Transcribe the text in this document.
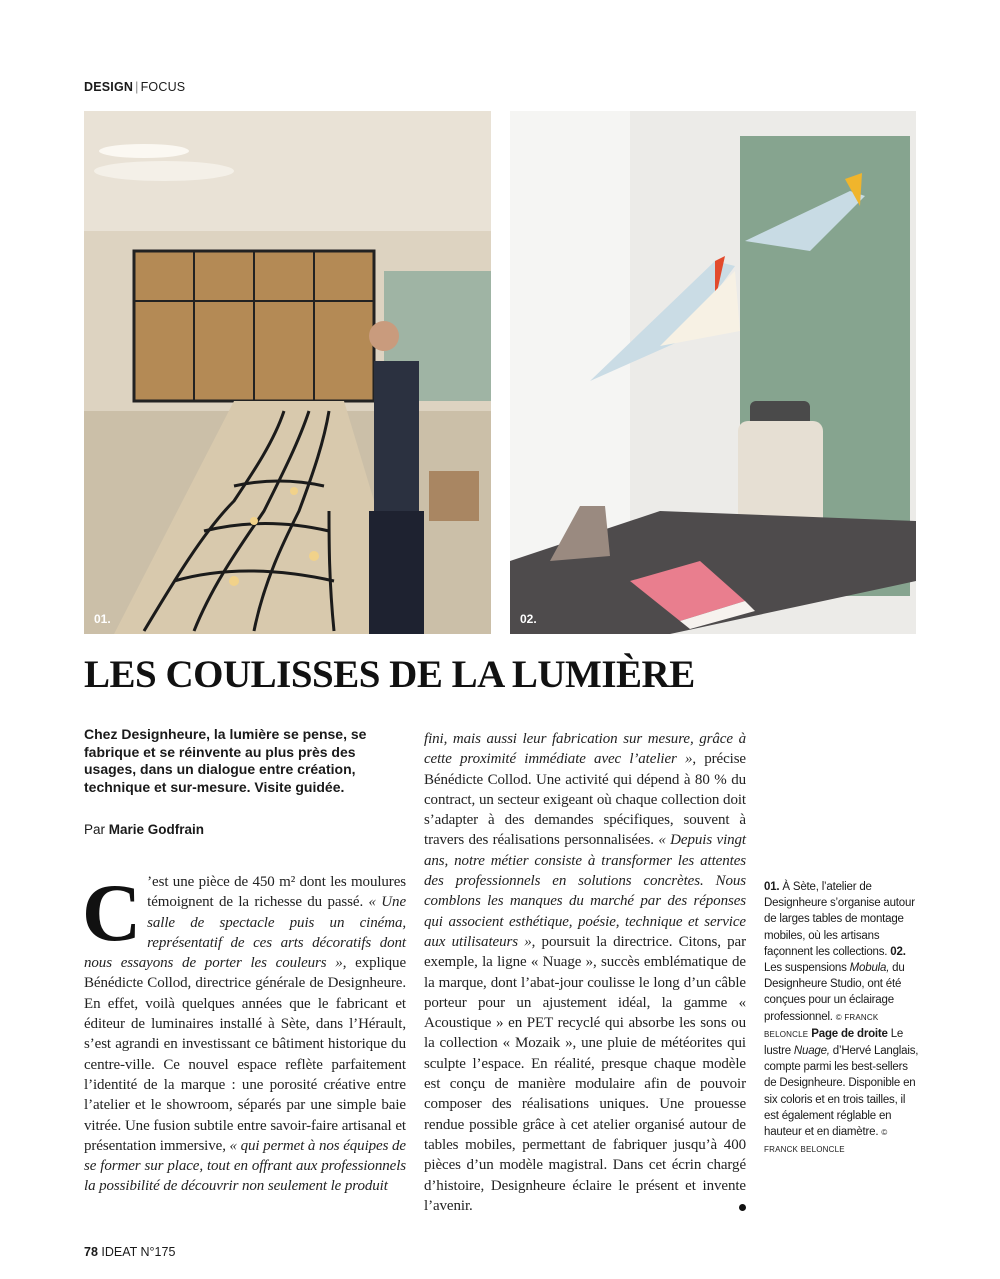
DESIGN | FOCUS
01.	02.
LES COULISSES DE LA LUMIÈRE

Chez Designheure, la lumière se pense, se fabrique et se réinvente au plus près des usages, dans un dialogue entre création, technique et sur-mesure. Visite guidée.

Par Marie Godfrain

C ’est une pièce de 450 m² dont les moulures témoignent de la richesse du passé. « Une salle de spectacle puis un cinéma, représentatif de ces arts décoratifs dont nous essayons de porter les couleurs », explique Bénédicte Collod, directrice générale de Designheure. En effet, voilà quelques années que le fabricant et éditeur de luminaires installé à Sète, dans l’Hérault, s’est agrandi en investissant ce bâtiment historique du centre-ville. Ce nouvel espace reflète parfaitement l’identité de la marque : une porosité créative entre l’atelier et le showroom, séparés par une simple baie vitrée. Une fusion subtile entre savoir-faire artisanal et présentation immersive, « qui permet à nos équipes de se former sur place, tout en offrant aux professionnels la possibilité de découvrir non seulement le produit

fini, mais aussi leur fabrication sur mesure, grâce à cette proximité immédiate avec l’atelier », précise Bénédicte Collod. Une activité qui dépend à 80 % du contract, un secteur exigeant où chaque collection doit s’adapter à des demandes spécifiques, souvent à travers des réalisations personnalisées. « Depuis vingt ans, notre métier consiste à transformer les attentes des professionnels en solutions concrètes. Nous comblons les manques du marché par des réponses qui associent esthétique, poésie, technique et service aux utilisateurs », poursuit la directrice. Citons, par exemple, la ligne « Nuage », succès emblématique de la marque, dont l’abat-jour coulisse le long d’un câble porteur pour un ajustement idéal, la gamme « Acoustique » en PET recyclé qui absorbe les sons ou la collection « Mozaik », une pluie de météorites qui sculpte l’espace. En réalité, presque chaque modèle est conçu de manière modulaire afin de pouvoir composer des réalisations uniques. Une prouesse rendue possible grâce à cet atelier organisé autour de tables mobiles, permettant de fabriquer jusqu’à 400 pièces d’un modèle magistral. Dans cet écrin chargé d’histoire, Designheure éclaire le présent et invente l’avenir.

01. À Sète, l’atelier de Designheure s’organise autour de larges tables de montage mobiles, où les artisans façonnent les collections. 02. Les suspensions Mobula, du Designheure Studio, ont été conçues pour un éclairage professionnel. © FRANCK BELONCLE Page de droite Le lustre Nuage, d’Hervé Langlais, compte parmi les best-sellers de Designheure. Disponible en six coloris et en trois tailles, il est également réglable en hauteur et en diamètre. © FRANCK BELONCLE

78 IDEAT N°175
